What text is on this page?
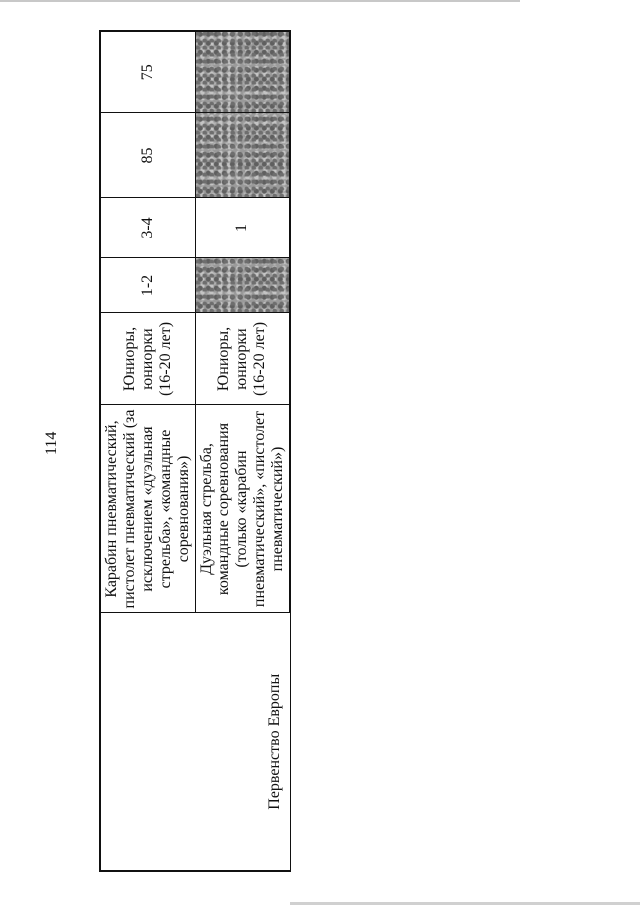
114
Первенство Европы	Карабин пневматический, пистолет пневматический (за исключением «дуэльная стрельба», «командные соревнования»)	Юниоры, юниорки (16-20 лет)	1-2	3-4	85	75
	Дуэльная стрельба, командные соревнования (только «карабин пневматический», «пистолет пневматический»)	Юниоры, юниорки (16-20 лет)		1		
